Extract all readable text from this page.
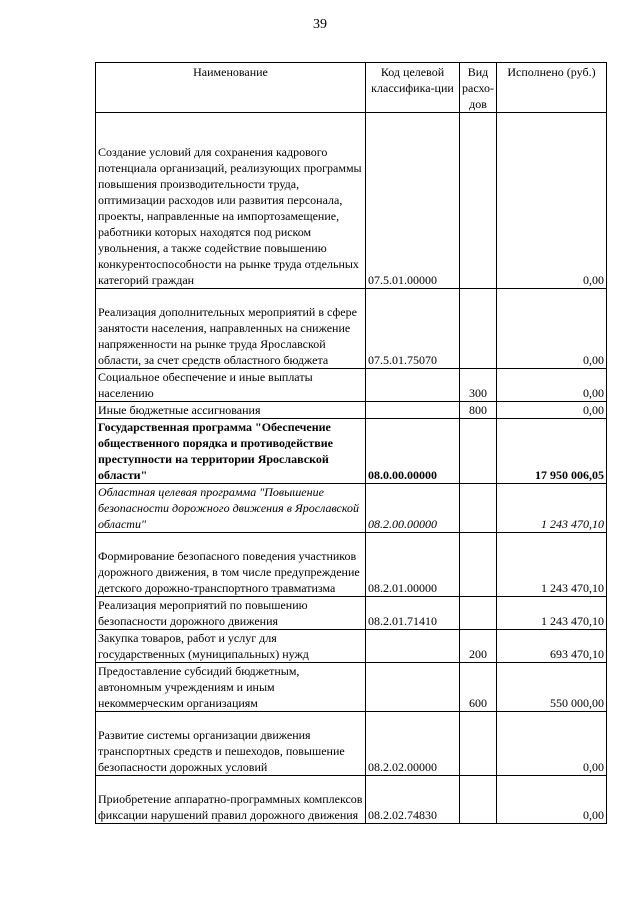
39
Наименование	Код целевой классифика-ции	Вид расхо-дов	Исполнено (руб.)
Создание условий для сохранения кадрового потенциала организаций, реализующих программы повышения производительности труда, оптимизации расходов или развития персонала, проекты, направленные на импортозамещение, работники которых находятся под риском увольнения, а также содействие повышению конкурентоспособности на рынке труда отдельных категорий граждан	07.5.01.00000		0,00
Реализация дополнительных мероприятий в сфере занятости населения, направленных на снижение напряженности на рынке труда Ярославской области, за счет средств областного бюджета	07.5.01.75070		0,00
Социальное обеспечение и иные выплаты населению		300	0,00
Иные бюджетные ассигнования		800	0,00
Государственная программа "Обеспечение общественного порядка и противодействие преступности на территории Ярославской области"	08.0.00.00000		17 950 006,05
Областная целевая программа "Повышение безопасности дорожного движения в Ярославской области"	08.2.00.00000		1 243 470,10
Формирование безопасного поведения участников дорожного движения, в том числе предупреждение детского дорожно-транспортного травматизма	08.2.01.00000		1 243 470,10
Реализация мероприятий по повышению безопасности дорожного движения	08.2.01.71410		1 243 470,10
Закупка товаров, работ и услуг для государственных (муниципальных) нужд		200	693 470,10
Предоставление субсидий бюджетным, автономным учреждениям и иным некоммерческим организациям		600	550 000,00
Развитие системы организации движения транспортных средств и пешеходов, повышение безопасности дорожных условий	08.2.02.00000		0,00
Приобретение аппаратно-программных комплексов фиксации нарушений правил дорожного движения	08.2.02.74830		0,00
